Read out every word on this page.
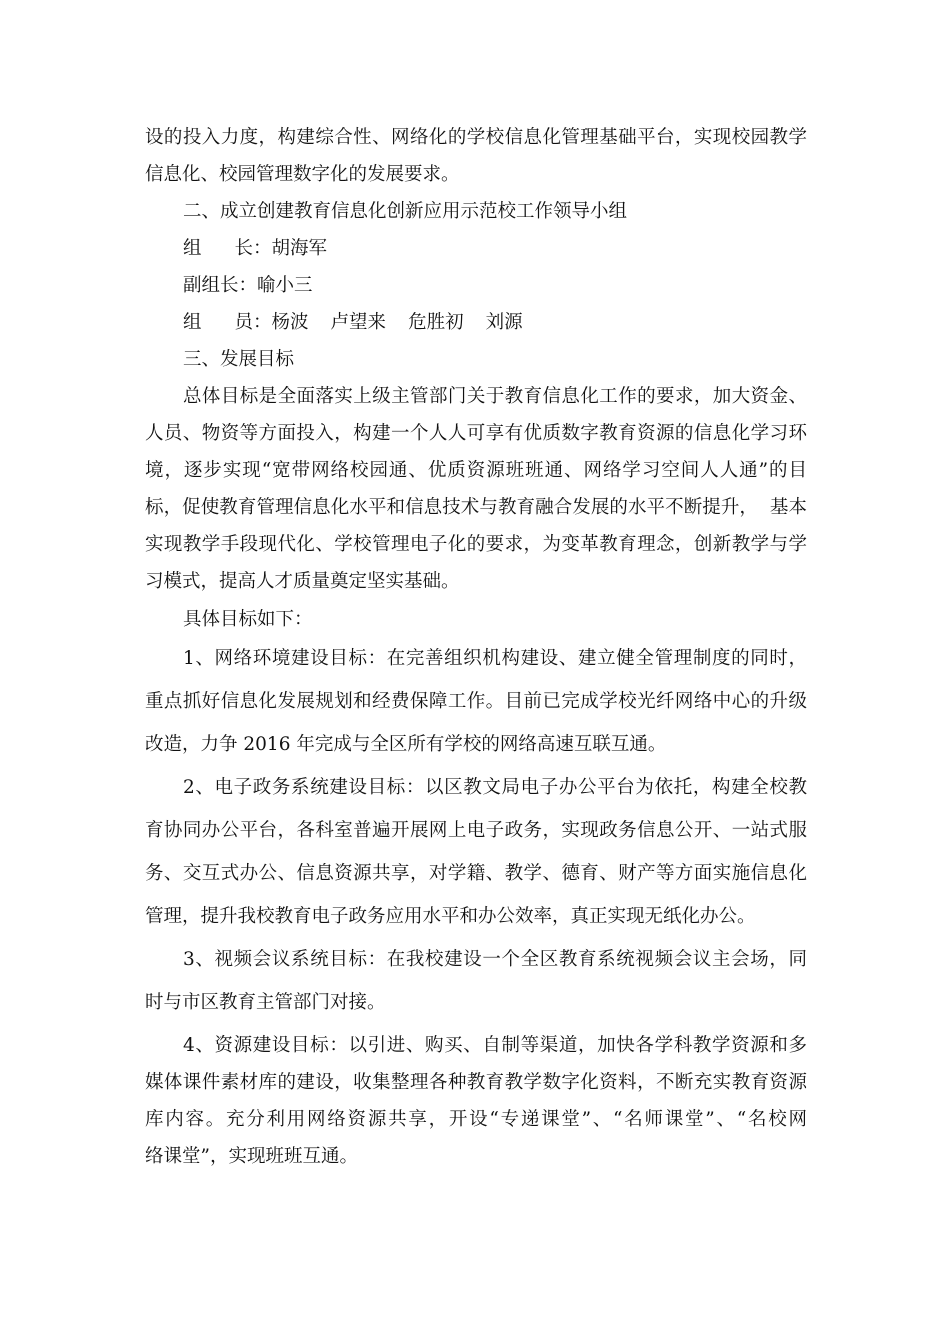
设的投入力度，构建综合性、网络化的学校信息化管理基础平台，实现校园教学
信息化、校园管理数字化的发展要求。
二、成立创建教育信息化创新应用示范校工作领导小组
组 长：胡海军
副组长：喻小三
组 员：杨波 卢望来 危胜初 刘源
三、发展目标
总体目标是全面落实上级主管部门关于教育信息化工作的要求，加大资金、
人员、物资等方面投入，构建一个人人可享有优质数字教育资源的信息化学习环
境，逐步实现“宽带网络校园通、优质资源班班通、网络学习空间人人通”的目
标，促使教育管理信息化水平和信息技术与教育融合发展的水平不断提升，  基本
实现教学手段现代化、学校管理电子化的要求，为变革教育理念，创新教学与学
习模式，提高人才质量奠定坚实基础。
具体目标如下：
1、网络环境建设目标：在完善组织机构建设、建立健全管理制度的同时，
重点抓好信息化发展规划和经费保障工作。目前已完成学校光纤网络中心的升级
改造，力争 2016 年完成与全区所有学校的网络高速互联互通。
2、电子政务系统建设目标：以区教文局电子办公平台为依托，构建全校教
育协同办公平台，各科室普遍开展网上电子政务，实现政务信息公开、一站式服
务、交互式办公、信息资源共享，对学籍、教学、德育、财产等方面实施信息化
管理，提升我校教育电子政务应用水平和办公效率，真正实现无纸化办公。
3、视频会议系统目标：在我校建设一个全区教育系统视频会议主会场，同
时与市区教育主管部门对接。
4、资源建设目标：以引进、购买、自制等渠道，加快各学科教学资源和多
媒体课件素材库的建设，收集整理各种教育教学数字化资料，不断充实教育资源
库内容。充分利用网络资源共享，开设“专递课堂”、“名师课堂”、“名校网
络课堂”，实现班班互通。
